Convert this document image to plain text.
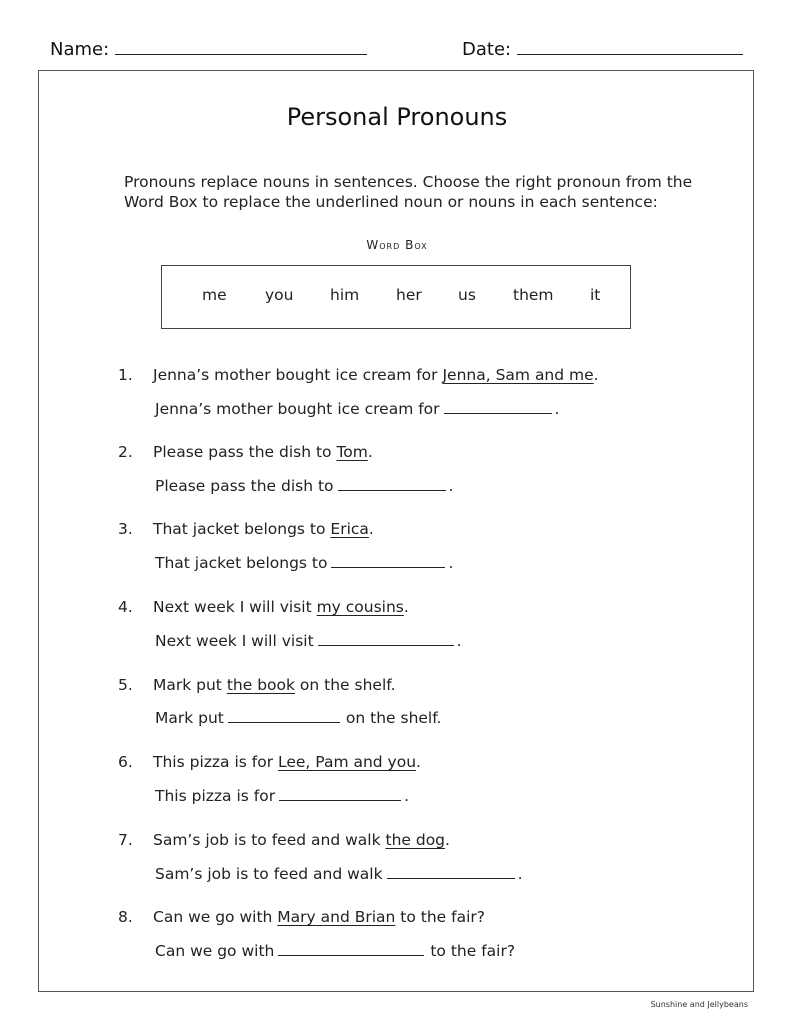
Name:	Date:
Personal Pronouns
Pronouns replace nouns in sentences. Choose the right pronoun from the Word Box to replace the underlined noun or nouns in each sentence:
Word Box
me you him her us them it
1. Jenna’s mother bought ice cream for Jenna, Sam and me.
Jenna’s mother bought ice cream for	.
2. Please pass the dish to Tom.
Please pass the dish to	.
3. That jacket belongs to Erica.
That jacket belongs to	.
4. Next week I will visit my cousins.
Next week I will visit	.
5. Mark put the book on the shelf.
Mark put	on the shelf.
6. This pizza is for Lee, Pam and you.
This pizza is for	.
7. Sam’s job is to feed and walk the dog.
Sam’s job is to feed and walk	.
8. Can we go with Mary and Brian to the fair?
Can we go with	to the fair?
Sunshine and Jellybeans
